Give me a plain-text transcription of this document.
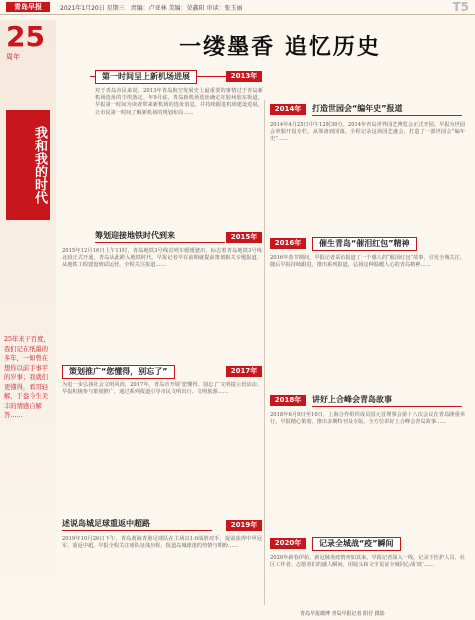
青岛早报	2021年1月20日 星期三　责编：卢亚林 美编：荣鑫阳 审读：张玉丽	T5
25
周年
我和我的时代
25年来干百度，我们记在纸墨的多年，一如曾在想你以前手事平的岁事；我就们更懂得，看哥轻解，于盎今生美丰的情感自解答……
一缕墨香 追忆历史
第一时间呈上新机场进展	2013年
对于青岛市民来说，2013年青岛航空发展史上最重要的事情过于青岛新机场选址的尘埃落定。年9月底，青岛新机场选址确定在胶州胶东街道。早报第一时间为读者带来新机场的选址消息，并持续跟进机场建设进展，让市民第一时间了解新机场的规划布局……
筹划迎接地铁时代到来	2015年
2015年12月16日上午11时，青岛地铁3号线首列车缓缓驶出，标志着青岛地铁3号线北段正式开通，青岛从此跨入地铁时代。早报记者早在前期就提前策划相关专题报道，从地铁工程建设到试运营，全程关注报道……
策划推广“您懂得，别忘了”	2017年
为进一步弘扬社会文明风尚，2017年，青岛市开展‘您懂得，别忘了’文明提示语活动。早报积极参与策划推广，通过系列报道引导市民文明出行、文明旅游……
述说岛城足球重返中超路	2019年
2019年10月26日下午，青岛黄海青港足球队在主场以1:0战胜对手，提前获得中甲冠军，重返中超。早报全程关注球队征战历程，报道岛城球迷的热情与期盼……
2014年	打造世园会“编年史”报道
2014年4月25日中午12时30分，2014年青岛世界园艺博览会正式开园。早报为世园会单独开设专栏，从筹备到闭幕，全程记录这场园艺盛会，打造了一部世园会“编年史”……
2016年	催生青岛“催泪红包”精神
2016年春节期间，早报记者采访报道了一个感人的“催泪红包”故事，引发全城关注。随后早报持续跟进，推出系列报道，弘扬这种温暖人心的青岛精神……
2018年	讲好上合峰会青岛故事
2018年6月9日至10日，上海合作组织成员国元首理事会第十八次会议在青岛隆重举行。早报精心策划，推出多期特刊及专版，全方位讲好上合峰会青岛故事……
2020年	记录全城战“疫”瞬间
2020年新春伊始，新冠肺炎疫情突如其来。早报记者深入一线，记录下医护人员、社区工作者、志愿者们的感人瞬间，用镜头和文字见证全城同心战‘疫’……
青岛早报微博 青岛早报记者 阳仔 摄影
